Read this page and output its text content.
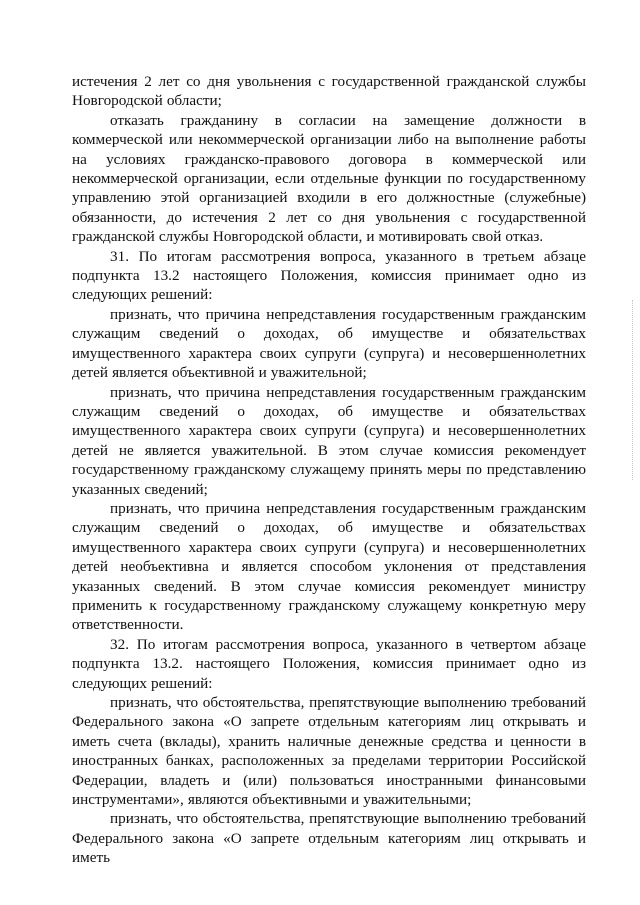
истечения 2 лет со дня увольнения с государственной гражданской службы Новгородской области;

отказать гражданину в согласии на замещение должности в коммерческой или некоммерческой организации либо на выполнение работы на условиях гражданско-правового договора в коммерческой или некоммерческой организации, если отдельные функции по государственному управлению этой организацией входили в его должностные (служебные) обязанности, до истечения 2 лет со дня увольнения с государственной гражданской службы Новгородской области, и мотивировать свой отказ.

31. По итогам рассмотрения вопроса, указанного в третьем абзаце подпункта 13.2 настоящего Положения, комиссия принимает одно из следующих решений:

признать, что причина непредставления государственным гражданским служащим сведений о доходах, об имуществе и обязательствах имущественного характера своих супруги (супруга) и несовершеннолетних детей является объективной и уважительной;

признать, что причина непредставления государственным гражданским служащим сведений о доходах, об имуществе и обязательствах имущественного характера своих супруги (супруга) и несовершеннолетних детей не является уважительной. В этом случае комиссия рекомендует государственному гражданскому служащему принять меры по представлению указанных сведений;

признать, что причина непредставления государственным гражданским служащим сведений о доходах, об имуществе и обязательствах имущественного характера своих супруги (супруга) и несовершеннолетних детей необъективна и является способом уклонения от представления указанных сведений. В этом случае комиссия рекомендует министру применить к государственному гражданскому служащему конкретную меру ответственности.

32. По итогам рассмотрения вопроса, указанного в четвертом абзаце подпункта 13.2. настоящего Положения, комиссия принимает одно из следующих решений:

признать, что обстоятельства, препятствующие выполнению требований Федерального закона «О запрете отдельным категориям лиц открывать и иметь счета (вклады), хранить наличные денежные средства и ценности в иностранных банках, расположенных за пределами территории Российской Федерации, владеть и (или) пользоваться иностранными финансовыми инструментами», являются объективными и уважительными;

признать, что обстоятельства, препятствующие выполнению требований Федерального закона «О запрете отдельным категориям лиц открывать и иметь
